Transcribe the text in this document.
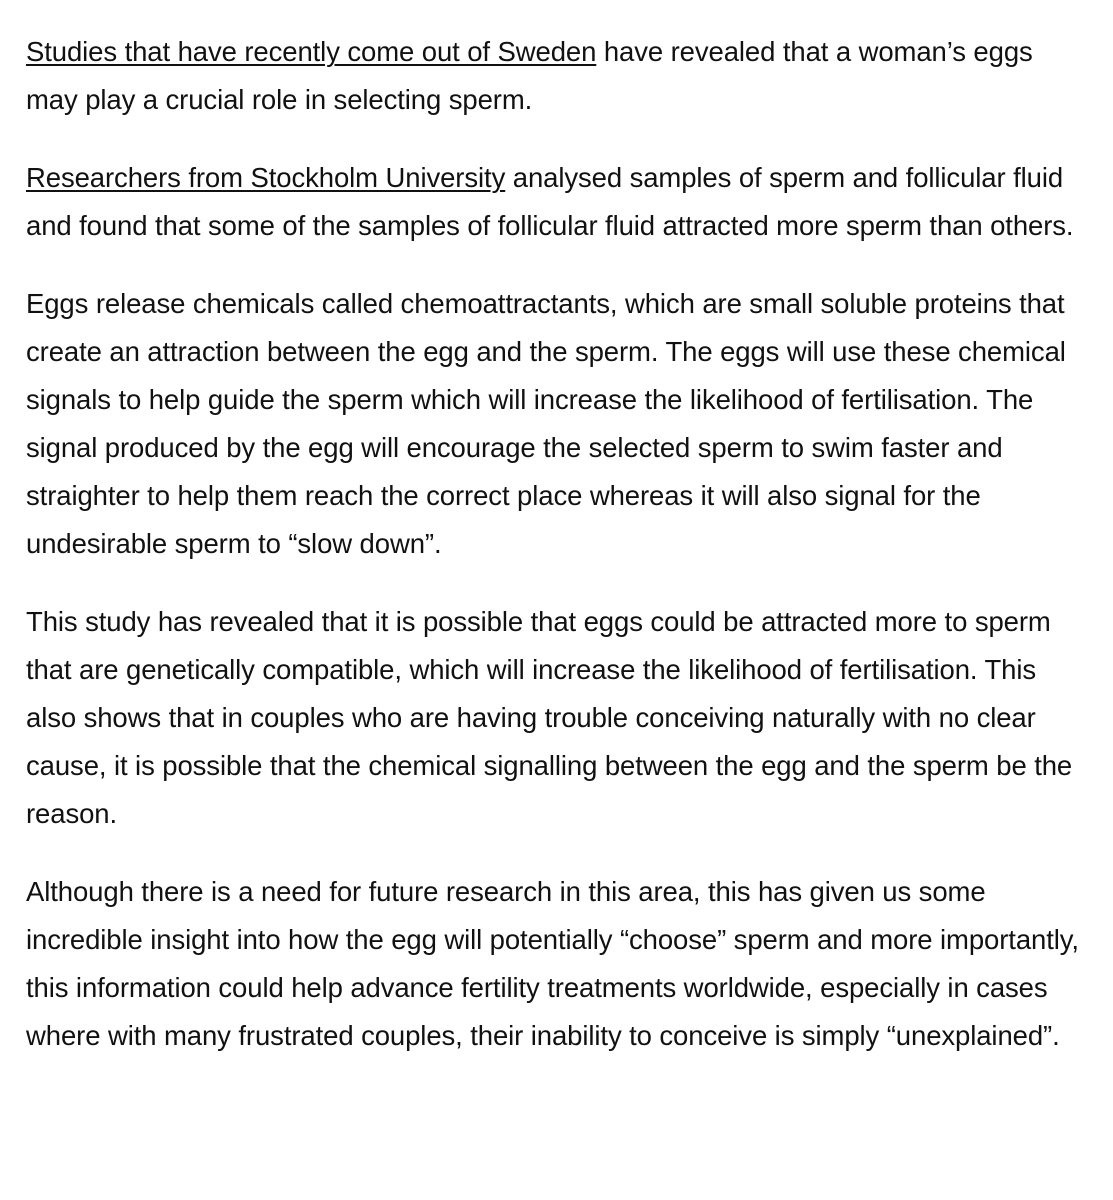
Studies that have recently come out of Sweden have revealed that a woman’s eggs may play a crucial role in selecting sperm.

Researchers from Stockholm University analysed samples of sperm and follicular fluid and found that some of the samples of follicular fluid attracted more sperm than others.

Eggs release chemicals called chemoattractants, which are small soluble proteins that create an attraction between the egg and the sperm. The eggs will use these chemical signals to help guide the sperm which will increase the likelihood of fertilisation. The signal produced by the egg will encourage the selected sperm to swim faster and straighter to help them reach the correct place whereas it will also signal for the undesirable sperm to “slow down”.

This study has revealed that it is possible that eggs could be attracted more to sperm that are genetically compatible, which will increase the likelihood of fertilisation. This also shows that in couples who are having trouble conceiving naturally with no clear cause, it is possible that the chemical signalling between the egg and the sperm be the reason.

Although there is a need for future research in this area, this has given us some incredible insight into how the egg will potentially “choose” sperm and more importantly, this information could help advance fertility treatments worldwide, especially in cases where with many frustrated couples, their inability to conceive is simply “unexplained”.
